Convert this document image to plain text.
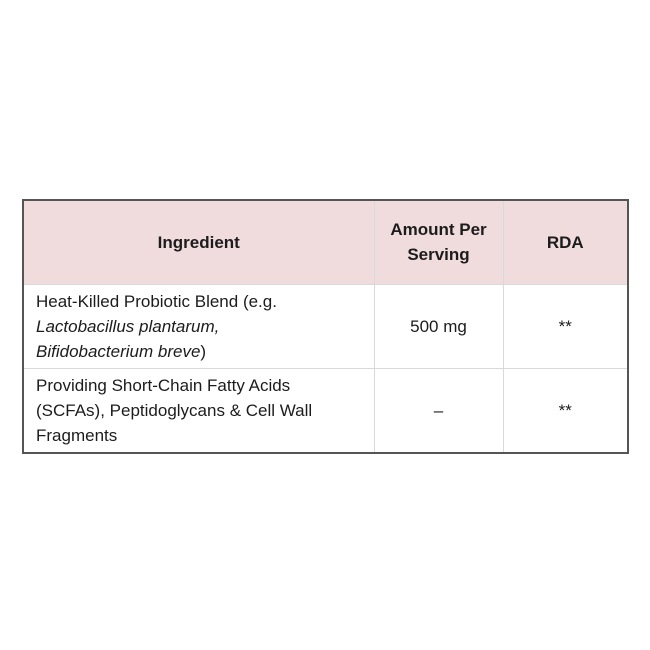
Ingredient	Amount Per Serving	RDA
Heat-Killed Probiotic Blend (e.g.
Lactobacillus plantarum,
Bifidobacterium breve)	500 mg	**
Providing Short-Chain Fatty Acids
(SCFAs), Peptidoglycans & Cell Wall
Fragments	–	**
